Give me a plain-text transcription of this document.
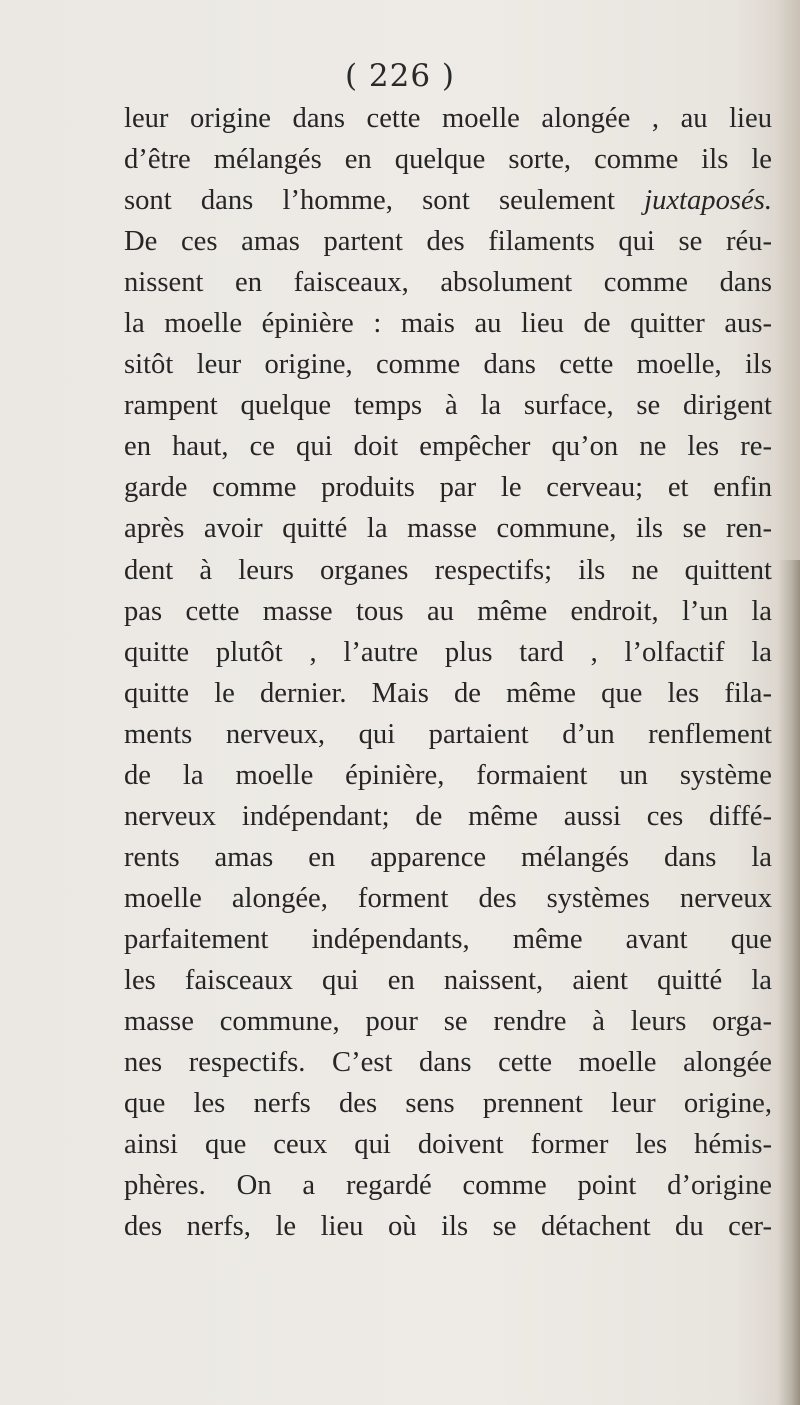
( 226 )
leur origine dans cette moelle alongée , au lieu
d’être mélangés en quelque sorte, comme ils le
sont dans l’homme, sont seulement juxtaposés.
De ces amas partent des filaments qui se réu-
nissent en faisceaux, absolument comme dans
la moelle épinière : mais au lieu de quitter aus-
sitôt leur origine, comme dans cette moelle, ils
rampent quelque temps à la surface, se dirigent
en haut, ce qui doit empêcher qu’on ne les re-
garde comme produits par le cerveau; et enfin
après avoir quitté la masse commune, ils se ren-
dent à leurs organes respectifs; ils ne quittent
pas cette masse tous au même endroit, l’un la
quitte plutôt , l’autre plus tard , l’olfactif la
quitte le dernier. Mais de même que les fila-
ments nerveux, qui partaient d’un renflement
de la moelle épinière, formaient un système
nerveux indépendant; de même aussi ces diffé-
rents amas en apparence mélangés dans la
moelle alongée, forment des systèmes nerveux
parfaitement indépendants, même avant que
les faisceaux qui en naissent, aient quitté la
masse commune, pour se rendre à leurs orga-
nes respectifs. C’est dans cette moelle alongée
que les nerfs des sens prennent leur origine,
ainsi que ceux qui doivent former les hémis-
phères. On a regardé comme point d’origine
des nerfs, le lieu où ils se détachent du cer-
